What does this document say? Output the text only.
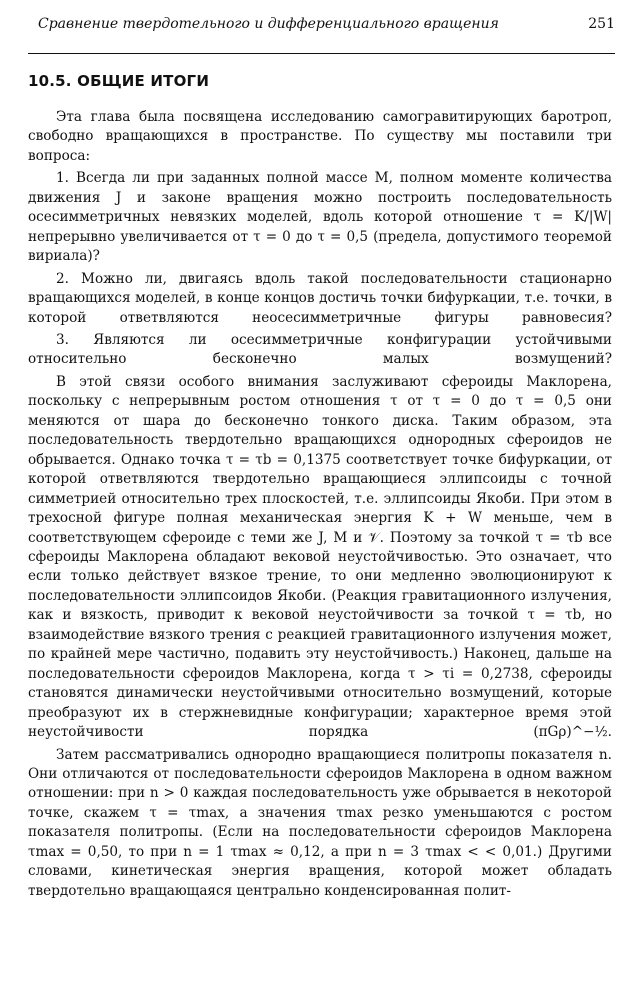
Сравнение твердотельного и дифференциального вращения	251
10.5. ОБЩИЕ ИТОГИ

Эта глава была посвящена исследованию самогравитирующих баротроп, свободно вращающихся в пространстве. По существу мы поставили три вопроса:

1. Всегда ли при заданных полной массе M, полном моменте количества движения J и законе вращения можно построить последовательность осесимметричных невязких моделей, вдоль которой отношение τ = K/|W| непрерывно увеличивается от τ = 0 до τ = 0,5 (предела, допустимого теоремой вириала)?

2. Можно ли, двигаясь вдоль такой последовательности стационарно вращающихся моделей, в конце концов достичь точки бифуркации, т.е. точки, в которой ответвляются неосесимметричные фигуры равновесия?

3. Являются ли осесимметричные конфигурации устойчивыми относительно бесконечно малых возмущений?

В этой связи особого внимания заслуживают сфероиды Маклорена, поскольку с непрерывным ростом отношения τ от τ = 0 до τ = 0,5 они меняются от шара до бесконечно тонкого диска. Таким образом, эта последовательность твердотельно вращающихся однородных сфероидов не обрывается. Однако точка τ = τb = 0,1375 соответствует точке бифуркации, от которой ответвляются твердотельно вращающиеся эллипсоиды с точной симметрией относительно трех плоскостей, т.е. эллипсоиды Якоби. При этом в трехосной фигуре полная механическая энергия K + W меньше, чем в соответствующем сфероиде с теми же J, M и 𝒱. Поэтому за точкой τ = τb все сфероиды Маклорена обладают вековой неустойчивостью. Это означает, что если только действует вязкое трение, то они медленно эволюционируют к последовательности эллипсоидов Якоби. (Реакция гравитационного излучения, как и вязкость, приводит к вековой неустойчивости за точкой τ = τb, но взаимодействие вязкого трения с реакцией гравитационного излучения может, по крайней мере частично, подавить эту неустойчивость.) Наконец, дальше на последовательности сфероидов Маклорена, когда τ > τi = 0,2738, сфероиды становятся динамически неустойчивыми относительно возмущений, которые преобразуют их в стержневидные конфигурации; характерное время этой неустойчивости порядка (πGρ)^−½.

Затем рассматривались однородно вращающиеся политропы показателя n. Они отличаются от последовательности сфероидов Маклорена в одном важном отношении: при n > 0 каждая последовательность уже обрывается в некоторой точке, скажем τ = τmax, а значения τmax резко уменьшаются с ростом показателя политропы. (Если на последовательности сфероидов Маклорена τmax = 0,50, то при n = 1 τmax ≈ 0,12, а при n = 3 τmax < < 0,01.) Другими словами, кинетическая энергия вращения, которой может обладать твердотельно вращающаяся центрально конденсированная полит-
